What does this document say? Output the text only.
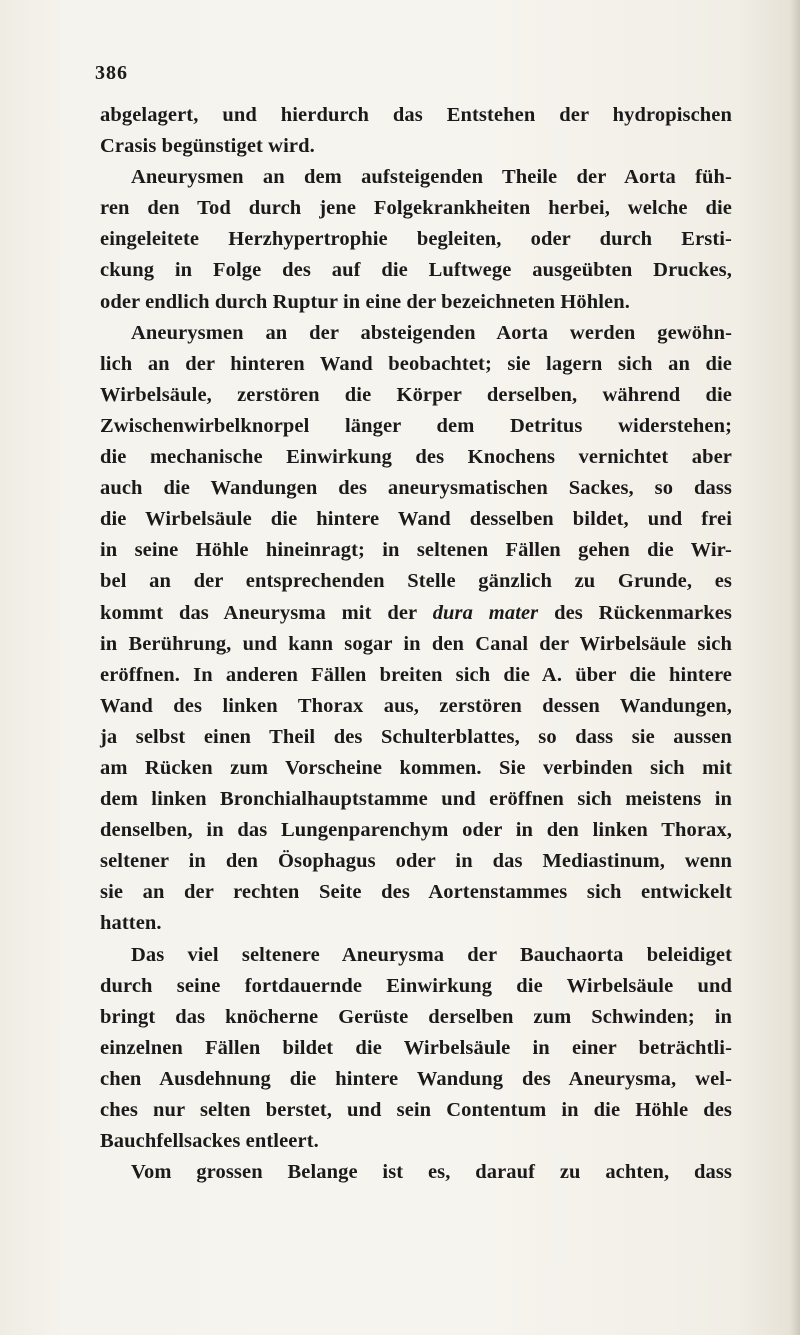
386
abgelagert, und hierdurch das Entstehen der hydropischen
Crasis begünstiget wird.
Aneurysmen an dem aufsteigenden Theile der Aorta füh-
ren den Tod durch jene Folgekrankheiten herbei, welche die
eingeleitete Herzhypertrophie begleiten, oder durch Ersti-
ckung in Folge des auf die Luftwege ausgeübten Druckes,
oder endlich durch Ruptur in eine der bezeichneten Höhlen.
Aneurysmen an der absteigenden Aorta werden gewöhn-
lich an der hinteren Wand beobachtet; sie lagern sich an die
Wirbelsäule, zerstören die Körper derselben, während die
Zwischenwirbelknorpel länger dem Detritus widerstehen;
die mechanische Einwirkung des Knochens vernichtet aber
auch die Wandungen des aneurysmatischen Sackes, so dass
die Wirbelsäule die hintere Wand desselben bildet, und frei
in seine Höhle hineinragt; in seltenen Fällen gehen die Wir-
bel an der entsprechenden Stelle gänzlich zu Grunde, es
kommt das Aneurysma mit der dura mater des Rückenmarkes
in Berührung, und kann sogar in den Canal der Wirbelsäule sich
eröffnen. In anderen Fällen breiten sich die A. über die hintere
Wand des linken Thorax aus, zerstören dessen Wandungen,
ja selbst einen Theil des Schulterblattes, so dass sie aussen
am Rücken zum Vorscheine kommen. Sie verbinden sich mit
dem linken Bronchialhauptstamme und eröffnen sich meistens in
denselben, in das Lungenparenchym oder in den linken Thorax,
seltener in den Ösophagus oder in das Mediastinum, wenn
sie an der rechten Seite des Aortenstammes sich entwickelt
hatten.
Das viel seltenere Aneurysma der Bauchaorta beleidiget
durch seine fortdauernde Einwirkung die Wirbelsäule und
bringt das knöcherne Gerüste derselben zum Schwinden; in
einzelnen Fällen bildet die Wirbelsäule in einer beträchtli-
chen Ausdehnung die hintere Wandung des Aneurysma, wel-
ches nur selten berstet, und sein Contentum in die Höhle des
Bauchfellsackes entleert.
Vom grossen Belange ist es, darauf zu achten, dass
